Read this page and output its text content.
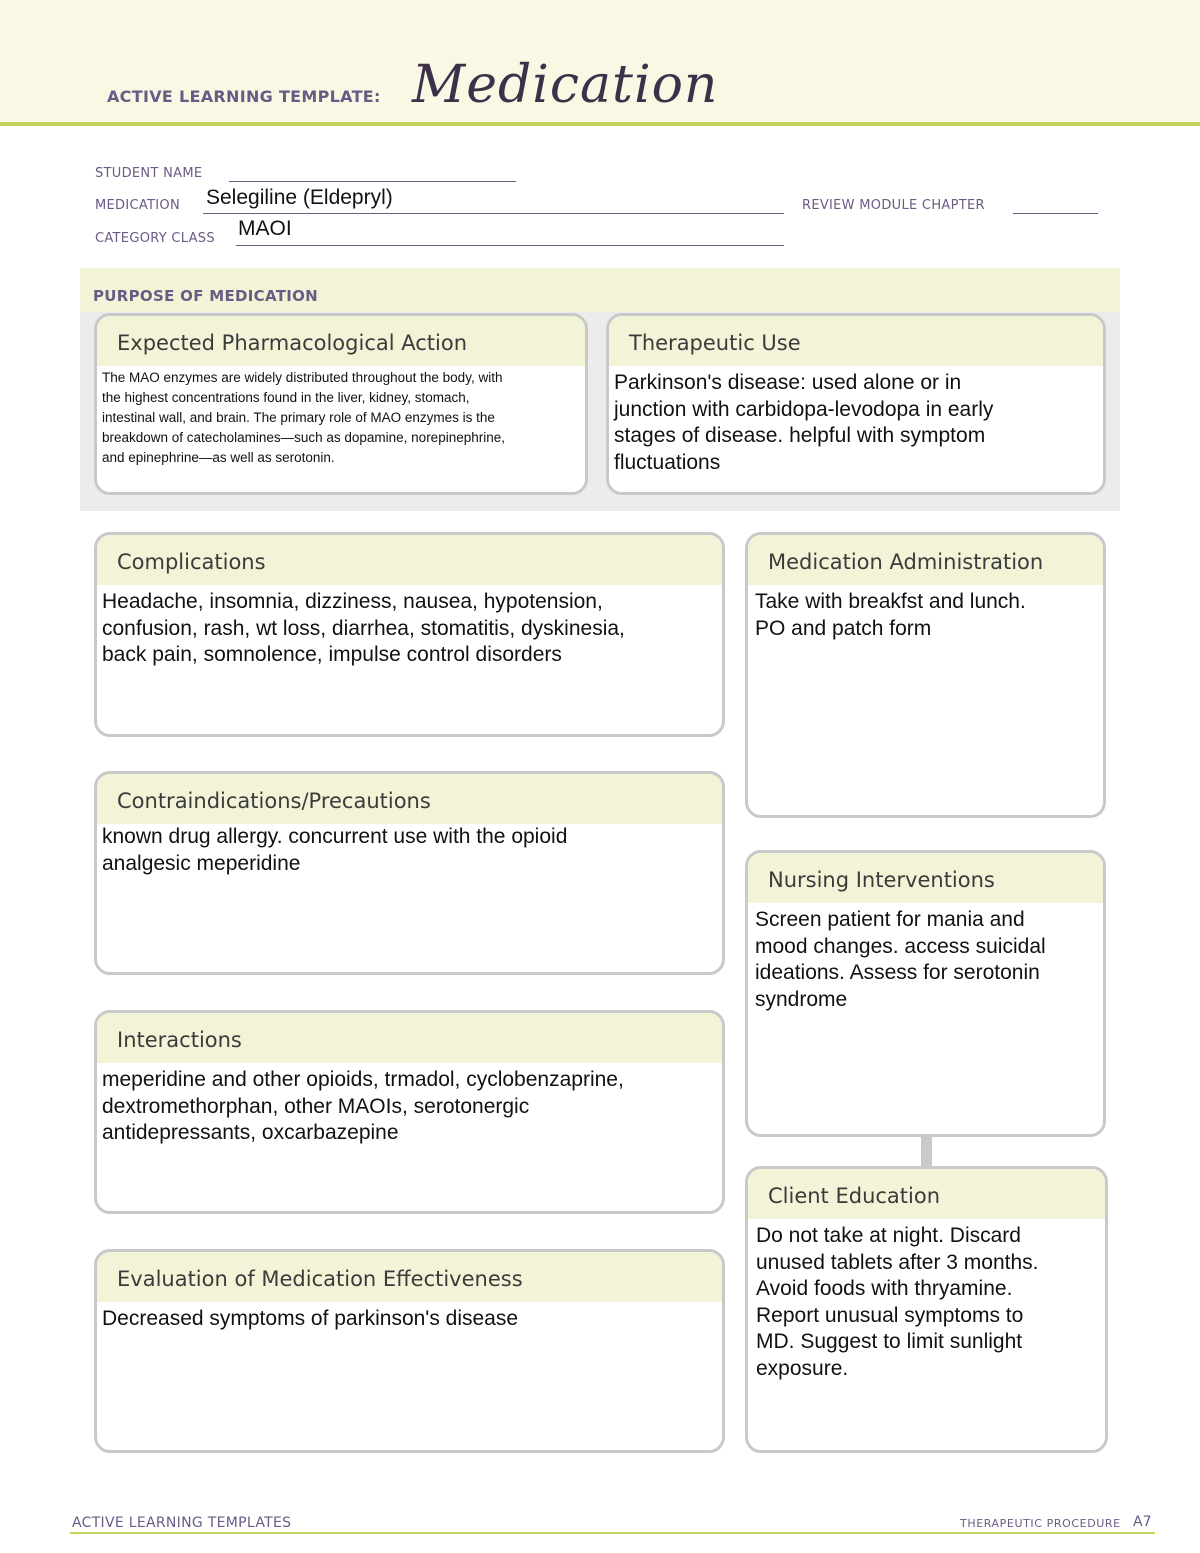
ACTIVE LEARNING TEMPLATE: Medication
STUDENT NAME
MEDICATION Selegiline (Eldepryl)	REVIEW MODULE CHAPTER
CATEGORY CLASS MAOI
PURPOSE OF MEDICATION
Expected Pharmacological Action
The MAO enzymes are widely distributed throughout the body, with
the highest concentrations found in the liver, kidney, stomach,
intestinal wall, and brain. The primary role of MAO enzymes is the
breakdown of catecholamines—such as dopamine, norepinephrine,
and epinephrine—as well as serotonin.
Therapeutic Use
Parkinson's disease: used alone or in
junction with carbidopa-levodopa in early
stages of disease. helpful with symptom
fluctuations
Complications
Headache, insomnia, dizziness, nausea, hypotension,
confusion, rash, wt loss, diarrhea, stomatitis, dyskinesia,
back pain, somnolence, impulse control disorders
Contraindications/Precautions
known drug allergy. concurrent use with the opioid
analgesic meperidine
Interactions
meperidine and other opioids, trmadol, cyclobenzaprine,
dextromethorphan, other MAOIs, serotonergic
antidepressants, oxcarbazepine
Evaluation of Medication Effectiveness
Decreased symptoms of parkinson's disease
Medication Administration
Take with breakfst and lunch.
PO and patch form
Nursing Interventions
Screen patient for mania and
mood changes. access suicidal
ideations. Assess for serotonin
syndrome
Client Education
Do not take at night. Discard
unused tablets after 3 months.
Avoid foods with thryamine.
Report unusual symptoms to
MD. Suggest to limit sunlight
exposure.
ACTIVE LEARNING TEMPLATES	THERAPEUTIC PROCEDURE A7
